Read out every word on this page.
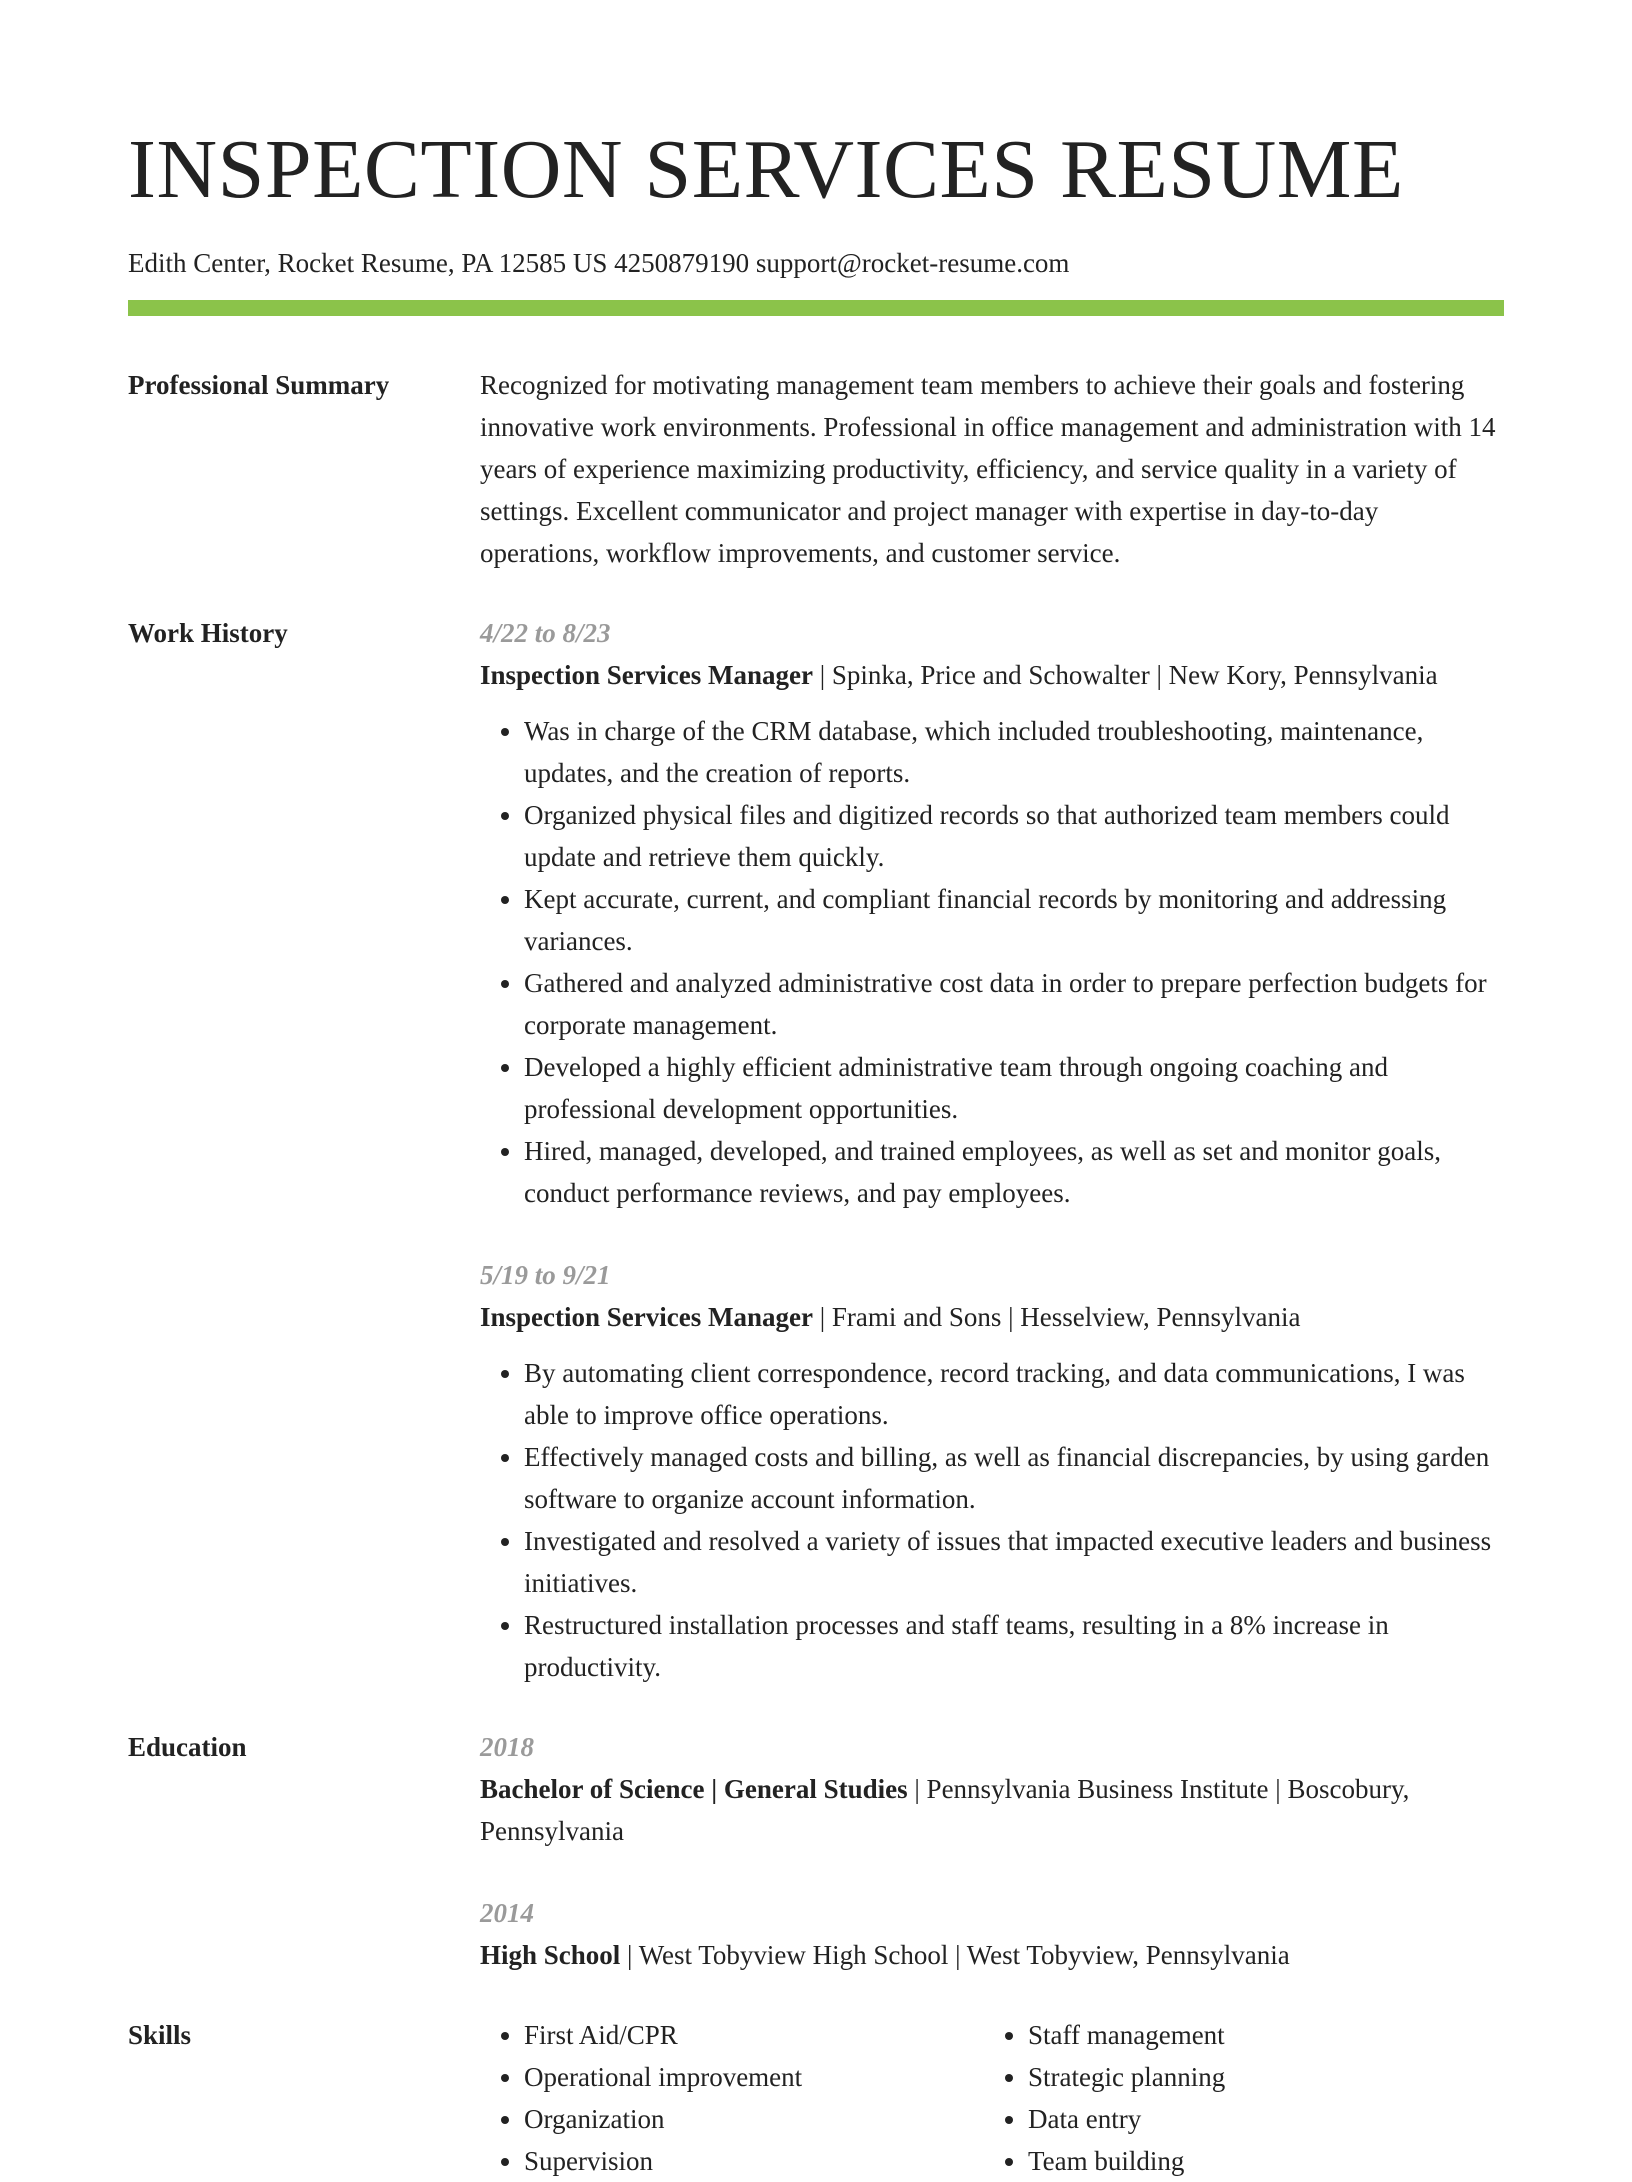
INSPECTION SERVICES RESUME
Edith Center, Rocket Resume, PA 12585 US 4250879190 support@rocket-resume.com
Professional Summary	Recognized for motivating management team members to achieve their goals and fostering innovative work environments. Professional in office management and administration with 14 years of experience maximizing productivity, efficiency, and service quality in a variety of settings. Excellent communicator and project manager with expertise in day-to-day operations, workflow improvements, and customer service.

Work History	4/22 to 8/23
Inspection Services Manager | Spinka, Price and Schowalter | New Kory, Pennsylvania
• Was in charge of the CRM database, which included troubleshooting, maintenance, updates, and the creation of reports.
• Organized physical files and digitized records so that authorized team members could update and retrieve them quickly.
• Kept accurate, current, and compliant financial records by monitoring and addressing variances.
• Gathered and analyzed administrative cost data in order to prepare perfection budgets for corporate management.
• Developed a highly efficient administrative team through ongoing coaching and professional development opportunities.
• Hired, managed, developed, and trained employees, as well as set and monitor goals, conduct performance reviews, and pay employees.
5/19 to 9/21
Inspection Services Manager | Frami and Sons | Hesselview, Pennsylvania
• By automating client correspondence, record tracking, and data communications, I was able to improve office operations.
• Effectively managed costs and billing, as well as financial discrepancies, by using garden software to organize account information.
• Investigated and resolved a variety of issues that impacted executive leaders and business initiatives.
• Restructured installation processes and staff teams, resulting in a 8% increase in productivity.
Education	2018
Bachelor of Science | General Studies | Pennsylvania Business Institute | Boscobury, Pennsylvania
2014
High School | West Tobyview High School | West Tobyview, Pennsylvania
Skills
•	First Aid/CPR
• Operational improvement
• Organization
• Supervision
• Staff management
• Strategic planning
• Data entry
• Team building
